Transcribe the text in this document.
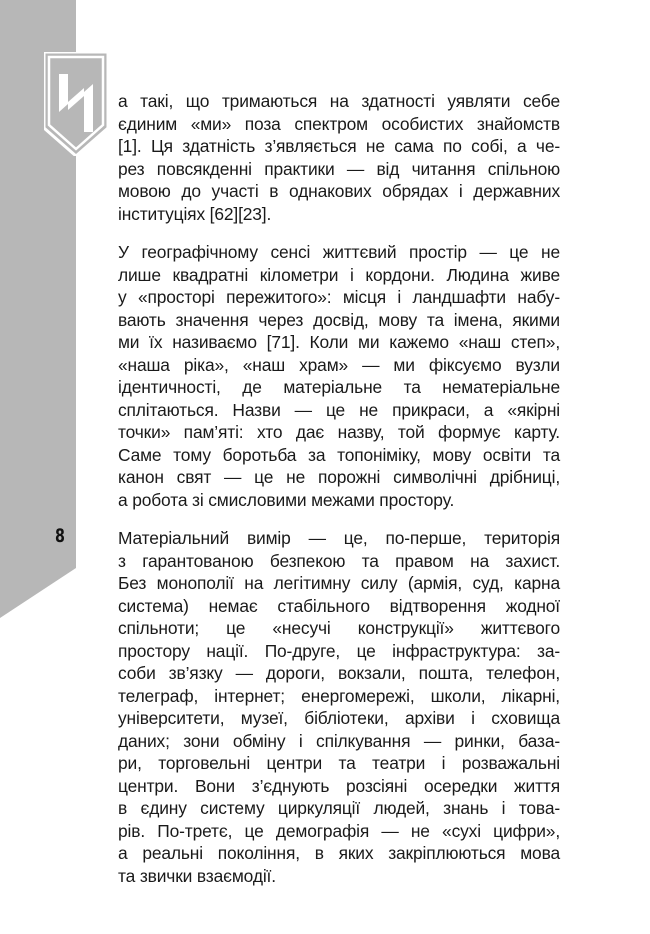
8

а такі, що тримаються на здатності уявляти себе
єдиним «ми» поза спектром особистих знайомств
[1]. Ця здатність з’являється не сама по собі, а че-
рез повсякденні практики — від читання спільною
мовою до участі в однакових обрядах і державних
інституціях [62][23].

У географічному сенсі життєвий простір — це не
лише квадратні кілометри і кордони. Людина живе
у «просторі пережитого»: місця і ландшафти набу-
вають значення через досвід, мову та імена, якими
ми їх називаємо [71]. Коли ми кажемо «наш степ»,
«наша ріка», «наш храм» — ми фіксуємо вузли
ідентичності, де матеріальне та нематеріальне
сплітаються. Назви — це не прикраси, а «якірні
точки» пам’яті: хто дає назву, той формує карту.
Саме тому боротьба за топоніміку, мову освіти та
канон свят — це не порожні символічні дрібниці,
а робота зі смисловими межами простору.

Матеріальний вимір — це, по-перше, територія
з гарантованою безпекою та правом на захист.
Без монополії на легітимну силу (армія, суд, карна
система) немає стабільного відтворення жодної
спільноти; це «несучі конструкції» життєвого
простору нації. По-друге, це інфраструктура: за-
соби зв’язку — дороги, вокзали, пошта, телефон,
телеграф, інтернет; енергомережі, школи, лікарні,
університети, музеї, бібліотеки, архіви і сховища
даних; зони обміну і спілкування — ринки, база-
ри, торговельні центри та театри і розважальні
центри. Вони з’єднують розсіяні осередки життя
в єдину систему циркуляції людей, знань і това-
рів. По-третє, це демографія — не «сухі цифри»,
а реальні покоління, в яких закріплюються мова
та звички взаємодії.
